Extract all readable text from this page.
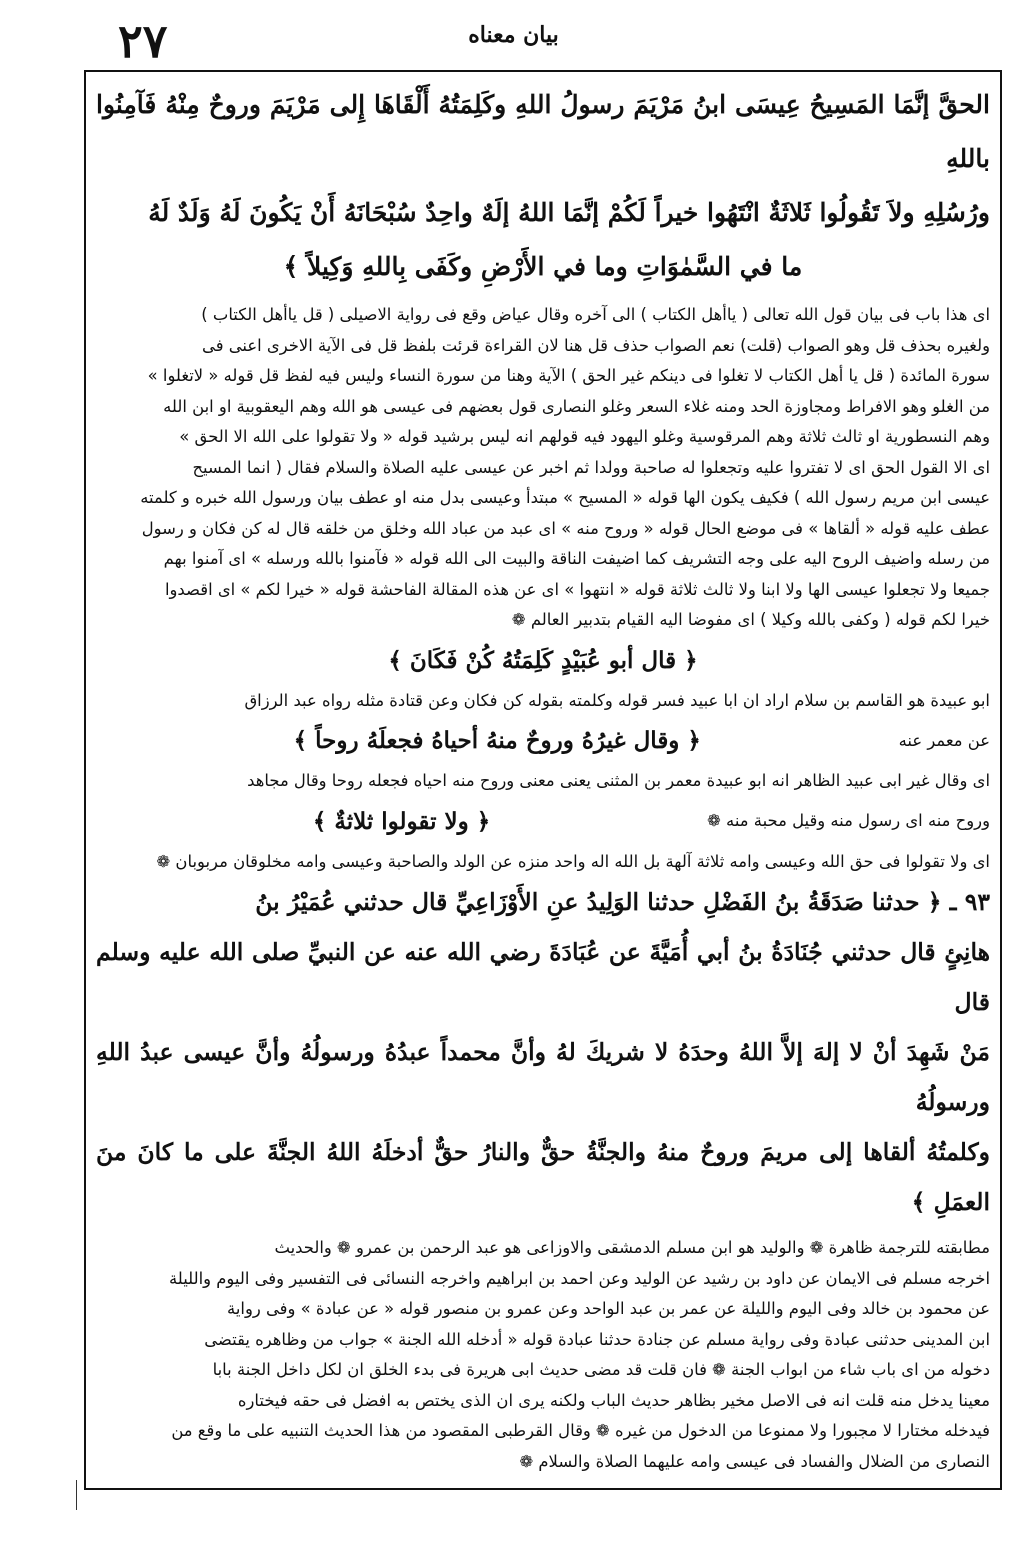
٢٧	بيان معناه

الحقَّ إنَّمَا المَسِيحُ عِيسَى ابنُ مَرْيَمَ رسولُ اللهِ وكَلِمَتُهُ أَلْقَاهَا إِلى مَرْيَمَ وروحٌ مِنْهُ فَآمِنُوا باللهِ

ورُسُلِهِ ولاَ تَقُولُوا ثَلاثَةٌ انْتَهُوا خيراً لَكُمْ إنَّمَا اللهُ إلَهٌ واحِدٌ سُبْحَانَهُ أَنْ يَكُونَ لَهُ وَلَدٌ لَهُ

ما في السَّمٰوَاتِ وما في الأَرْضِ وكَفَى بِاللهِ وَكِيلاً ﴾

اى هذا باب فى بيان قول الله تعالى ( ياأهل الكتاب ) الى آخره وقال عياض وقع فى رواية الاصيلى ( قل ياأهل الكتاب )

ولغيره بحذف قل وهو الصواب (قلت) نعم الصواب حذف قل هنا لان القراءة قرئت بلفظ قل فى الآية الاخرى اعنى فى

سورة المائدة ( قل يا أهل الكتاب لا تغلوا فى دينكم غير الحق ) الآية وهنا من سورة النساء وليس فيه لفظ قل قوله « لاتغلوا »

من الغلو وهو الافراط ومجاوزة الحد ومنه غلاء السعر وغلو النصارى قول بعضهم فى عيسى هو الله وهم اليعقوبية او ابن الله

وهم النسطورية او ثالث ثلاثة وهم المرقوسية وغلو اليهود فيه قولهم انه ليس برشيد قوله « ولا تقولوا على الله الا الحق »

اى الا القول الحق اى لا تفتروا عليه وتجعلوا له صاحبة وولدا ثم اخبر عن عيسى عليه الصلاة والسلام فقال ( انما المسيح

عيسى ابن مريم رسول الله ) فكيف يكون الها قوله « المسيح » مبتدأ وعيسى بدل منه او عطف بيان ورسول الله خبره و كلمته

عطف عليه قوله « ألقاها » فى موضع الحال قوله « وروح منه » اى عبد من عباد الله وخلق من خلقه قال له كن فكان و رسول

من رسله واضيف الروح اليه على وجه التشريف كما اضيفت الناقة والبيت الى الله قوله « فآمنوا بالله ورسله » اى آمنوا بهم

جميعا ولا تجعلوا عيسى الها ولا ابنا ولا ثالث ثلاثة قوله « انتهوا » اى عن هذه المقالة الفاحشة قوله « خيرا لكم » اى اقصدوا

خيرا لكم قوله ( وكفى بالله وكيلا ) اى مفوضا اليه القيام بتدبير العالم ❁

﴿ قال أبو عُبَيْدٍ كَلِمَتُهُ كُنْ فَكَانَ ﴾

ابو عبيدة هو القاسم بن سلام اراد ان ابا عبيد فسر قوله وكلمته بقوله كن فكان وعن قتادة مثله رواه عبد الرزاق

عن معمر عنه
﴿ وقال غيرُهُ وروحٌ منهُ أحياهُ فجعلَهُ روحاً ﴾

اى وقال غير ابى عبيد الظاهر انه ابو عبيدة معمر بن المثنى يعنى معنى وروح منه احياه فجعله روحا وقال مجاهد

وروح منه اى رسول منه وقيل محبة منه ❁
﴿ ولا تقولوا ثلاثةٌ ﴾

اى ولا تقولوا فى حق الله وعيسى وامه ثلاثة آلهة بل الله اله واحد منزه عن الولد والصاحبة وعيسى وامه مخلوقان مربوبان ❁

٩٣ ـ ﴿ حدثنا صَدَقَةُ بنُ الفَضْلِ حدثنا الوَلِيدُ عنِ الأَوْزَاعِيِّ قال حدثني عُمَيْرُ بنُ

هانِئٍ قال حدثني جُنَادَةُ بنُ أبي أُمَيَّةَ عن عُبَادَةَ رضي الله عنه عن النبيِّ صلى الله عليه وسلم قال

مَنْ شَهِدَ أنْ لا إلهَ إلاَّ اللهُ وحدَهُ لا شريكَ لهُ وأنَّ محمداً عبدُهُ ورسولُهُ وأنَّ عيسى عبدُ اللهِ ورسولُهُ

وكلمتُهُ ألقاها إلى مريمَ وروحٌ منهُ والجنَّةُ حقٌّ والنارُ حقٌّ أدخلَهُ اللهُ الجنَّةَ على ما كانَ منَ العمَلِ ﴾

مطابقته للترجمة ظاهرة ❁ والوليد هو ابن مسلم الدمشقى والاوزاعى هو عبد الرحمن بن عمرو ❁ والحديث

اخرجه مسلم فى الايمان عن داود بن رشيد عن الوليد وعن احمد بن ابراهيم واخرجه النسائى فى التفسير وفى اليوم والليلة

عن محمود بن خالد وفى اليوم والليلة عن عمر بن عبد الواحد وعن عمرو بن منصور قوله « عن عبادة » وفى رواية

ابن المدينى حدثنى عبادة وفى رواية مسلم عن جنادة حدثنا عبادة قوله « أدخله الله الجنة » جواب من وظاهره يقتضى

دخوله من اى باب شاء من ابواب الجنة ❁ فان قلت قد مضى حديث ابى هريرة فى بدء الخلق ان لكل داخل الجنة بابا

معينا يدخل منه قلت انه فى الاصل مخير بظاهر حديث الباب ولكنه يرى ان الذى يختص به افضل فى حقه فيختاره

فيدخله مختارا لا مجبورا ولا ممنوعا من الدخول من غيره ❁ وقال القرطبى المقصود من هذا الحديث التنبيه على ما وقع من

النصارى من الضلال والفساد فى عيسى وامه عليهما الصلاة والسلام ❁
